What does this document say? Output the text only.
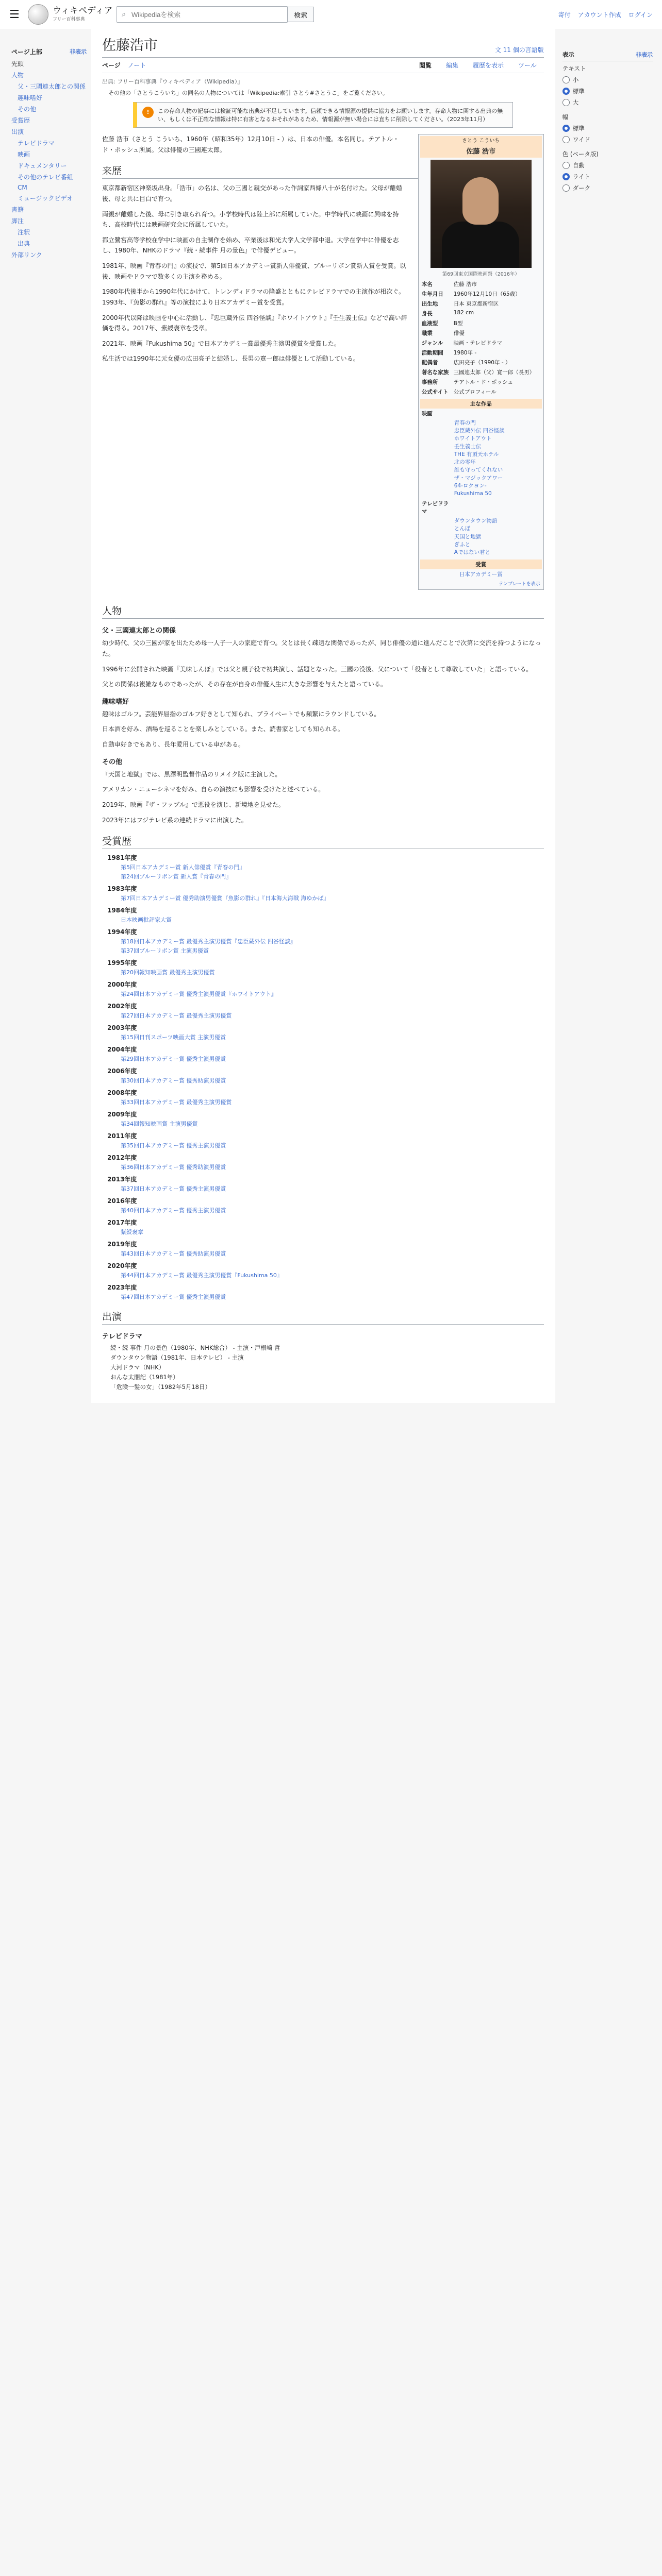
☰	ウィキペディア
フリー百科事典
⌕
Wikipediaを検索	検索	寄付 アカウント作成 ログイン
ページ上部	非表示
先頭
人物
父・三國連太郎との関係
趣味嗜好
その他
受賞歴
出演
テレビドラマ
映画
ドキュメンタリー
その他のテレビ番組
CM
ミュージックビデオ
書籍
脚注
注釈
出典
外部リンク
佐藤浩市	文 11 個の言語版
ページ ノート	閲覧 編集 履歴を表示 ツール
出典: フリー百科事典『ウィキペディア（Wikipedia）』
その他の「さとうこういち」の同名の人物については「Wikipedia:索引 さとう#さとうこ」をご覧ください。
!	この存命人物の記事には検証可能な出典が不足しています。信頼できる情報源の提供に協力をお願いします。存命人物に関する出典の無い、もしくは不正確な情報は特に有害となるおそれがあるため、情報源が無い場合には直ちに削除してください。（2023年11月）
さとう こういち
佐藤 浩市
第69回東京国際映画祭（2016年）
本名	佐藤 浩市
生年月日	1960年12月10日（65歳）
出生地	日本 東京都新宿区
身長	182 cm
血液型	B型
職業	俳優
ジャンル	映画・テレビドラマ
活動期間	1980年 -
配偶者	広田亮子（1990年 - ）
著名な家族 三國連太郎（父）寛一郎（長男）
事務所	テアトル・ド・ポッシュ
公式サイト 公式プロフィール
主な作品
映画
青春の門
忠臣蔵外伝 四谷怪談
ホワイトアウト
壬生義士伝
THE 有頂天ホテル
北の零年
誰も守ってくれない
ザ・マジックアワー
64-ロクヨン-
Fukushima 50
テレビドラマ
ダウンタウン物語
とんぼ
天国と地獄
ぎふと
Aではない君と
受賞
日本アカデミー賞
テンプレートを表示

佐藤 浩市（さとう こういち、1960年（昭和35年）12月10日 - ）は、日本の俳優。本名同じ。テアトル・ド・ポッシュ所属。父は俳優の三國連太郎。

来歴

東京都新宿区神楽坂出身。「浩市」の名は、父の三國と親交があった作詞家西條八十が名付けた。父母が離婚後、母と共に目白で育つ。

両親が離婚した後、母に引き取られ育つ。小学校時代は陸上部に所属していた。中学時代に映画に興味を持ち、高校時代には映画研究会に所属していた。

都立鷺宮高等学校在学中に映画の自主制作を始め、卒業後は和光大学人文学部中退。大学在学中に俳優を志し、1980年、NHKのドラマ『続・続事件 月の景色』で俳優デビュー。

1981年、映画『青春の門』の演技で、第5回日本アカデミー賞新人俳優賞、ブルーリボン賞新人賞を受賞。以後、映画やドラマで数多くの主演を務める。

1980年代後半から1990年代にかけて、トレンディドラマの隆盛とともにテレビドラマでの主演作が相次ぐ。1993年、『魚影の群れ』等の演技により日本アカデミー賞を受賞。

2000年代以降は映画を中心に活動し、『忠臣蔵外伝 四谷怪談』『ホワイトアウト』『壬生義士伝』などで高い評価を得る。2017年、紫綬褒章を受章。

2021年、映画『Fukushima 50』で日本アカデミー賞最優秀主演男優賞を受賞した。

私生活では1990年に元女優の広田亮子と結婚し、長男の寛一郎は俳優として活動している。

人物
父・三國連太郎との関係

幼少時代、父の三國が家を出たため母一人子一人の家庭で育つ。父とは長く疎遠な関係であったが、同じ俳優の道に進んだことで次第に交流を持つようになった。

1996年に公開された映画『美味しんぼ』では父と親子役で初共演し、話題となった。三國の没後、父について「役者として尊敬していた」と語っている。

父との関係は複雑なものであったが、その存在が自身の俳優人生に大きな影響を与えたと語っている。

趣味嗜好

趣味はゴルフ。芸能界屈指のゴルフ好きとして知られ、プライベートでも頻繁にラウンドしている。

日本酒を好み、酒場を巡ることを楽しみとしている。また、読書家としても知られる。

自動車好きでもあり、長年愛用している車がある。

その他

『天国と地獄』では、黒澤明監督作品のリメイク版に主演した。

アメリカン・ニューシネマを好み、自らの演技にも影響を受けたと述べている。

2019年、映画『ザ・ファブル』で悪役を演じ、新境地を見せた。

2023年にはフジテレビ系の連続ドラマに出演した。

受賞歴
1981年度
第5回日本アカデミー賞 新人俳優賞『青春の門』
第24回ブルーリボン賞 新人賞『青春の門』
1983年度
第7回日本アカデミー賞 優秀助演男優賞『魚影の群れ』『日本海大海戦 海ゆかば』
1984年度
日本映画批評家大賞
1994年度
第18回日本アカデミー賞 最優秀主演男優賞『忠臣蔵外伝 四谷怪談』
第37回ブルーリボン賞 主演男優賞
1995年度
第20回報知映画賞 最優秀主演男優賞
2000年度
第24回日本アカデミー賞 優秀主演男優賞『ホワイトアウト』
2002年度
第27回日本アカデミー賞 最優秀主演男優賞
2003年度
第15回日刊スポーツ映画大賞 主演男優賞
2004年度
第29回日本アカデミー賞 優秀主演男優賞
2006年度
第30回日本アカデミー賞 優秀助演男優賞
2008年度
第33回日本アカデミー賞 最優秀主演男優賞
2009年度
第34回報知映画賞 主演男優賞
2011年度
第35回日本アカデミー賞 優秀主演男優賞
2012年度
第36回日本アカデミー賞 優秀助演男優賞
2013年度
第37回日本アカデミー賞 優秀主演男優賞
2016年度
第40回日本アカデミー賞 優秀主演男優賞
2017年度
紫綬褒章
2019年度
第43回日本アカデミー賞 優秀助演男優賞
2020年度
第44回日本アカデミー賞 最優秀主演男優賞『Fukushima 50』
2023年度
第47回日本アカデミー賞 優秀主演男優賞
出演
テレビドラマ
続・続 事件 月の景色（1980年、NHK総合） - 主演・戸根崎 哲
ダウンタウン物語（1981年、日本テレビ） - 主演
大河ドラマ（NHK）
おんな太閤記（1981年）
「危険一髪の女」（1982年5月18日）
表示	非表示
テキスト
小
標準
大
幅
標準
ワイド
色 (ベータ版)
自動
ライト
ダーク
